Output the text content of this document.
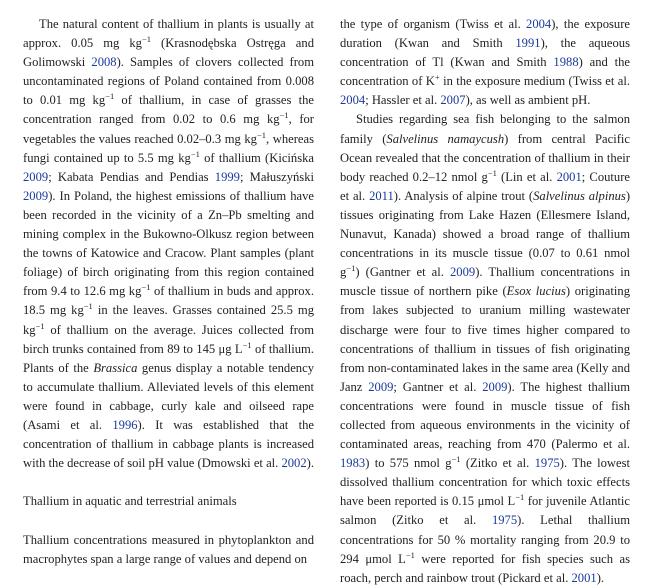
The natural content of thallium in plants is usually at approx. 0.05 mg $kg^{-1}$ (Krasnodębska Ostręga and Golimowski 2008). Samples of clovers collected from uncontaminated regions of Poland contained from 0.008 to 0.01 mg $kg^{-1}$ of thallium, in case of grasses the concentration ranged from 0.02 to 0.6 mg $kg^{-1}$, for vegetables the values reached 0.02–0.3 mg $kg^{-1}$, whereas fungi contained up to 5.5 mg $kg^{-1}$ of thallium (Kicińska 2009; Kabata Pendias and Pendias 1999; Małuszyński 2009). In Poland, the highest emissions of thallium have been recorded in the vicinity of a Zn–Pb smelting and mining complex in the Bukowno-Olkusz region between the towns of Katowice and Cracow. Plant samples (plant foliage) of birch originating from this region contained from 9.4 to 12.6 mg $kg^{-1}$ of thallium in buds and approx. 18.5 mg $kg^{-1}$ in the leaves. Grasses contained 25.5 mg $kg^{-1}$ of thallium on the average. Juices collected from birch trunks contained from 89 to 145 μg $L^{-1}$ of thallium. Plants of the Brassica genus display a notable tendency to accumulate thallium. Alleviated levels of this element were found in cabbage, curly kale and oilseed rape (Asami et al. 1996). It was established that the concentration of thallium in cabbage plants is increased with the decrease of soil pH value (Dmowski et al. 2002).

Thallium in aquatic and terrestrial animals

Thallium concentrations measured in phytoplankton and macrophytes span a large range of values and depend on

the type of organism (Twiss et al. 2004), the exposure duration (Kwan and Smith 1991), the aqueous concentration of Tl (Kwan and Smith 1988) and the concentration of K+ in the exposure medium (Twiss et al. 2004; Hassler et al. 2007), as well as ambient pH.

Studies regarding sea fish belonging to the salmon family (Salvelinus namaycush) from central Pacific Ocean revealed that the concentration of thallium in their body reached 0.2–12 nmol $g^{-1}$ (Lin et al. 2001; Couture et al. 2011). Analysis of alpine trout (Salvelinus alpinus) tissues originating from Lake Hazen (Ellesmere Island, Nunavut, Kanada) showed a broad range of thallium concentrations in its muscle tissue (0.07 to 0.61 nmol $g^{-1}$) (Gantner et al. 2009). Thallium concentrations in muscle tissue of northern pike (Esox lucius) originating from lakes subjected to uranium milling wastewater discharge were four to five times higher compared to concentrations of thallium in tissues of fish originating from non-contaminated lakes in the same area (Kelly and Janz 2009; Gantner et al. 2009). The highest thallium concentrations were found in muscle tissue of fish collected from aqueous environments in the vicinity of contaminated areas, reaching from 470 (Palermo et al. 1983) to 575 nmol $g^{-1}$ (Zitko et al. 1975). The lowest dissolved thallium concentration for which toxic effects have been reported is 0.15 μmol $L^{-1}$ for juvenile Atlantic salmon (Zitko et al. 1975). Lethal thallium concentrations for 50 % mortality ranging from 20.9 to 294 μmol $L^{-1}$ were reported for fish species such as roach, perch and rainbow trout (Pickard et al. 2001).
